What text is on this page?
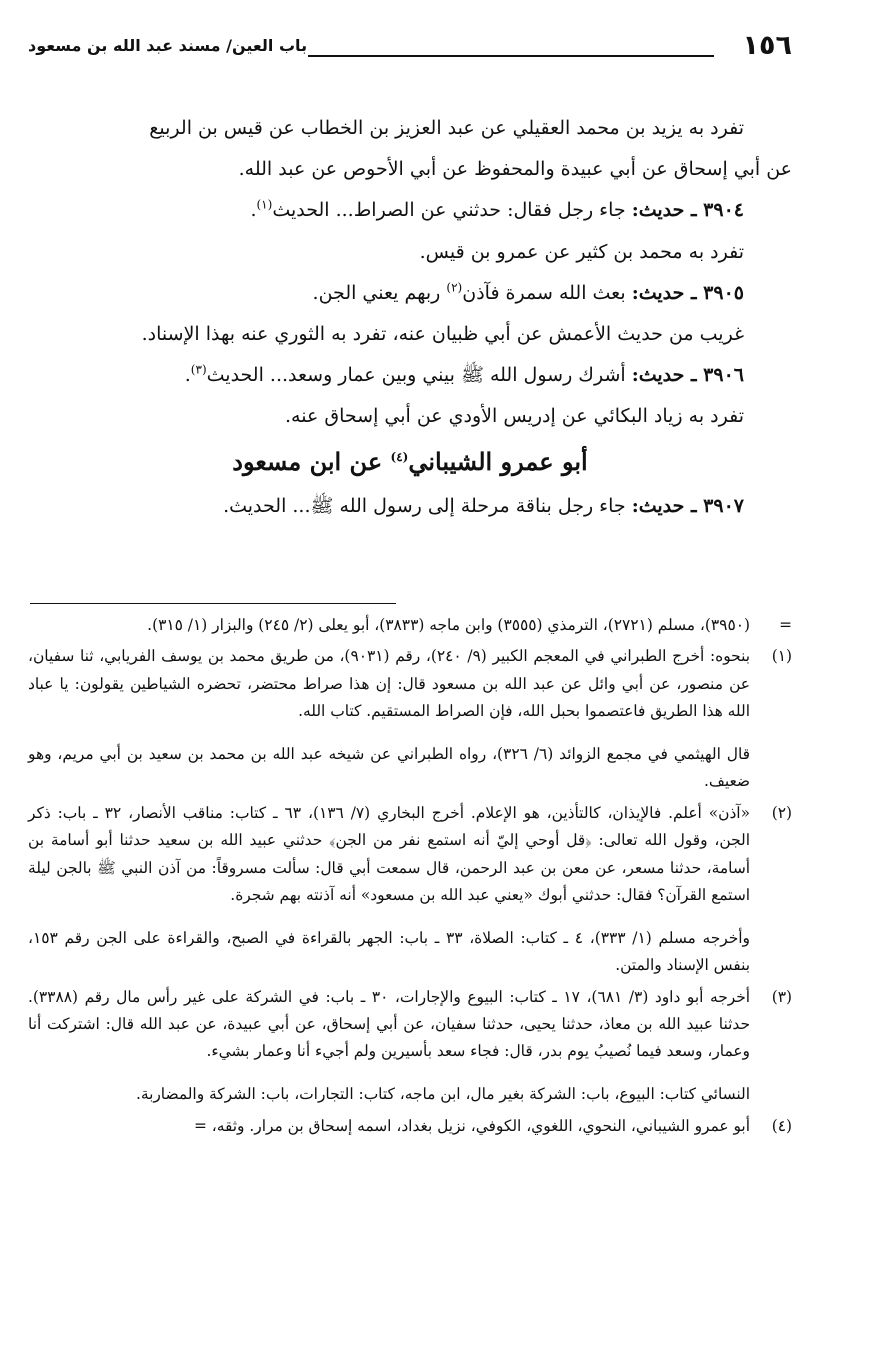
١٥٦
باب العين/ مسند عبد الله بن مسعود

تفرد به يزيد بن محمد العقيلي عن عبد العزيز بن الخطاب عن قيس بن الربيع

عن أبي إسحاق عن أبي عبيدة والمحفوظ عن أبي الأحوص عن عبد الله.

٣٩٠٤ ـ حديث: جاء رجل فقال: حدثني عن الصراط... الحديث$^{(١)}$.

تفرد به محمد بن كثير عن عمرو بن قيس.

٣٩٠٥ ـ حديث: بعث الله سمرة فآذن$^{(٢)}$ ربهم يعني الجن.

غريب من حديث الأعمش عن أبي ظبيان عنه، تفرد به الثوري عنه بهذا الإسناد.

٣٩٠٦ ـ حديث: أشرك رسول الله ﷺ بيني وبين عمار وسعد... الحديث$^{(٣)}$.

تفرد به زياد البكائي عن إدريس الأودي عن أبي إسحاق عنه.

أبو عمرو الشيباني$^{(٤)}$ عن ابن مسعود

٣٩٠٧ ـ حديث: جاء رجل بناقة مرحلة إلى رسول الله ﷺ... الحديث.

=

(٣٩٥٠)، مسلم (٢٧٢١)، الترمذي (٣٥٥٥) وابن ماجه (٣٨٣٣)، أبو يعلى (٢/ ٢٤٥) والبزار (١/ ٣١٥).

(١)

بنحوه: أخرج الطبراني في المعجم الكبير (٩/ ٢٤٠)، رقم (٩٠٣١)، من طريق محمد بن يوسف الفريابي، ثنا سفيان، عن منصور، عن أبي وائل عن عبد الله بن مسعود قال: إن هذا صراط محتضر، تحضره الشياطين يقولون: يا عباد الله هذا الطريق فاعتصموا بحبل الله، فإن الصراط المستقيم. كتاب الله.

قال الهيثمي في مجمع الزوائد (٦/ ٣٢٦)، رواه الطبراني عن شيخه عبد الله بن محمد بن سعيد بن أبي مريم، وهو ضعيف.

(٢)

«آذن» أعلم. فالإيذان، كالتأذين، هو الإعلام. أخرج البخاري (٧/ ١٣٦)، ٦٣ ـ كتاب: مناقب الأنصار، ٣٢ ـ باب: ذكر الجن، وقول الله تعالى: ﴿قل أوحي إليّ أنه استمع نفر من الجن﴾ حدثني عبيد الله بن سعيد حدثنا أبو أسامة بن أسامة، حدثنا مسعر، عن معن بن عبد الرحمن، قال سمعت أبي قال: سألت مسروقاً: من آذن النبي ﷺ بالجن ليلة استمع القرآن؟ فقال: حدثني أبوك «يعني عبد الله بن مسعود» أنه آذنته بهم شجرة.

وأخرجه مسلم (١/ ٣٣٣)، ٤ ـ كتاب: الصلاة، ٣٣ ـ باب: الجهر بالقراءة في الصبح، والقراءة على الجن رقم ١٥٣، بنفس الإسناد والمتن.

(٣)

أخرجه أبو داود (٣/ ٦٨١)، ١٧ ـ كتاب: البيوع والإجارات، ٣٠ ـ باب: في الشركة على غير رأس مال رقم (٣٣٨٨). حدثنا عبيد الله بن معاذ، حدثنا يحيى، حدثنا سفيان، عن أبي إسحاق، عن أبي عبيدة، عن عبد الله قال: اشتركت أنا وعمار، وسعد فيما نُصيبُ يوم بدر، قال: فجاء سعد بأسيرين ولم أجيء أنا وعمار بشيء.

النسائي كتاب: البيوع، باب: الشركة بغير مال، ابن ماجه، كتاب: التجارات، باب: الشركة والمضاربة.

(٤)

أبو عمرو الشيباني، النحوي، اللغوي، الكوفي، نزيل بغداد، اسمه إسحاق بن مرار. وثقه، =
